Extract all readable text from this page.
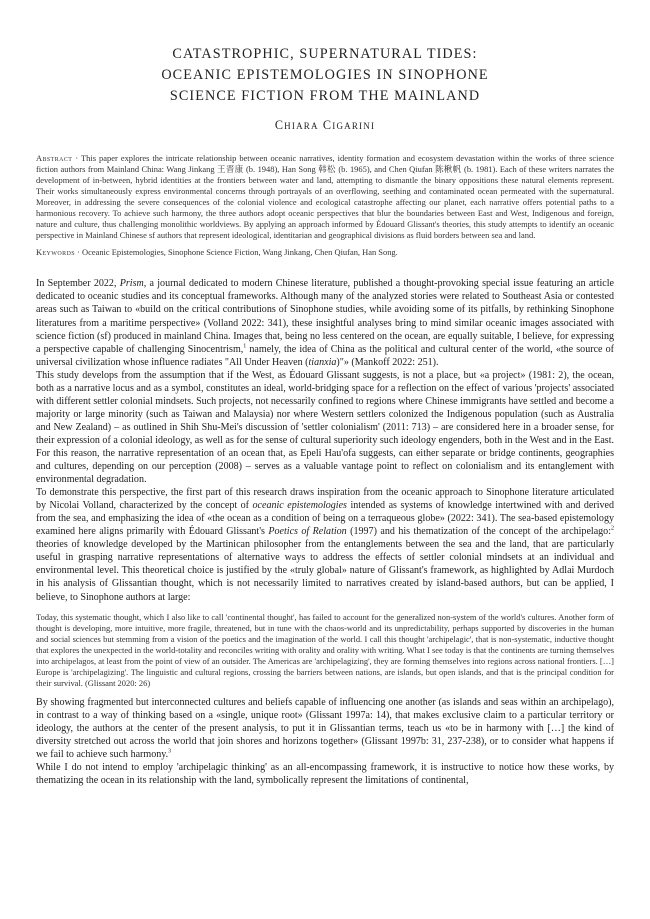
CATASTROPHIC, SUPERNATURAL TIDES:
OCEANIC EPISTEMOLOGIES IN SINOPHONE
SCIENCE FICTION FROM THE MAINLAND
Chiara Cigarini
Abstract · This paper explores the intricate relationship between oceanic narratives, identity formation and ecosystem devastation within the works of three science fiction authors from Mainland China: Wang Jinkang 王晋康 (b. 1948), Han Song 韩松 (b. 1965), and Chen Qiufan 陈楸帆 (b. 1981). Each of these writers narrates the development of in-between, hybrid identities at the frontiers between water and land, attempting to dismantle the binary oppositions these natural elements represent. Their works simultaneously express environmental concerns through portrayals of an overflowing, seething and contaminated ocean permeated with the supernatural. Moreover, in addressing the severe consequences of the colonial violence and ecological catastrophe affecting our planet, each narrative offers potential paths to a harmonious recovery. To achieve such harmony, the three authors adopt oceanic perspectives that blur the boundaries between East and West, Indigenous and foreign, nature and culture, thus challenging monolithic worldviews. By applying an approach informed by Édouard Glissant's theories, this study attempts to identify an oceanic perspective in Mainland Chinese sf authors that represent ideological, identitarian and geographical divisions as fluid borders between sea and land.
Keywords · Oceanic Epistemologies, Sinophone Science Fiction, Wang Jinkang, Chen Qiufan, Han Song.

In September 2022, Prism, a journal dedicated to modern Chinese literature, published a thought-provoking special issue featuring an article dedicated to oceanic studies and its conceptual frameworks. Although many of the analyzed stories were related to Southeast Asia or contested areas such as Taiwan to «build on the critical contributions of Sinophone studies, while avoiding some of its pitfalls, by rethinking Sinophone literatures from a maritime perspective» (Volland 2022: 341), these insightful analyses bring to mind similar oceanic images associated with science fiction (sf) produced in mainland China. Images that, being no less centered on the ocean, are equally suitable, I believe, for expressing a perspective capable of challenging Sinocentrism,$^1$ namely, the idea of China as the political and cultural center of the world, «the source of universal civilization whose influence radiates "All Under Heaven (tianxia)"» (Mankoff 2022: 251).

This study develops from the assumption that if the West, as Édouard Glissant suggests, is not a place, but «a project» (1981: 2), the ocean, both as a narrative locus and as a symbol, constitutes an ideal, world-bridging space for a reflection on the effect of various 'projects' associated with different settler colonial mindsets. Such projects, not necessarily confined to regions where Chinese immigrants have settled and become a majority or large minority (such as Taiwan and Malaysia) nor where Western settlers colonized the Indigenous population (such as Australia and New Zealand) – as outlined in Shih Shu-Mei's discussion of 'settler colonialism' (2011: 713) – are considered here in a broader sense, for their expression of a colonial ideology, as well as for the sense of cultural superiority such ideology engenders, both in the West and in the East. For this reason, the narrative representation of an ocean that, as Epeli Hau'ofa suggests, can either separate or bridge continents, geographies and cultures, depending on our perception (2008) – serves as a valuable vantage point to reflect on colonialism and its entanglement with environmental degradation.

To demonstrate this perspective, the first part of this research draws inspiration from the oceanic approach to Sinophone literature articulated by Nicolai Volland, characterized by the concept of oceanic epistemologies intended as systems of knowledge intertwined with and derived from the sea, and emphasizing the idea of «the ocean as a condition of being on a terraqueous globe» (2022: 341). The sea-based epistemology examined here aligns primarily with Édouard Glissant's Poetics of Relation (1997) and his thematization of the concept of the archipelago:$^2$ theories of knowledge developed by the Martinican philosopher from the entanglements between the sea and the land, that are particularly useful in grasping narrative representations of alternative ways to address the effects of settler colonial mindsets at an individual and environmental level. This theoretical choice is justified by the «truly global» nature of Glissant's framework, as highlighted by Adlai Murdoch in his analysis of Glissantian thought, which is not necessarily limited to narratives created by island-based authors, but can be applied, I believe, to Sinophone authors at large:

Today, this systematic thought, which I also like to call 'continental thought', has failed to account for the generalized non-system of the world's cultures. Another form of thought is developing, more intuitive, more fragile, threatened, but in tune with the chaos-world and its unpredictability, perhaps supported by discoveries in the human and social sciences but stemming from a vision of the poetics and the imagination of the world. I call this thought 'archipelagic', that is non-systematic, inductive thought that explores the unexpected in the world-totality and reconciles writing with orality and orality with writing. What I see today is that the continents are turning themselves into archipelagos, at least from the point of view of an outsider. The Americas are 'archipelagizing', they are forming themselves into regions across national frontiers. […] Europe is 'archipelagizing'. The linguistic and cultural regions, crossing the barriers between nations, are islands, but open islands, and that is the principal condition for their survival. (Glissant 2020: 26)

By showing fragmented but interconnected cultures and beliefs capable of influencing one another (as islands and seas within an archipelago), in contrast to a way of thinking based on a «single, unique root» (Glissant 1997a: 14), that makes exclusive claim to a particular territory or ideology, the authors at the center of the present analysis, to put it in Glissantian terms, teach us «to be in harmony with […] the kind of diversity stretched out across the world that join shores and horizons together» (Glissant 1997b: 31, 237-238), or to consider what happens if we fail to achieve such harmony.$^3$

While I do not intend to employ 'archipelagic thinking' as an all-encompassing framework, it is instructive to notice how these works, by thematizing the ocean in its relationship with the land, symbolically represent the limitations of continental,
